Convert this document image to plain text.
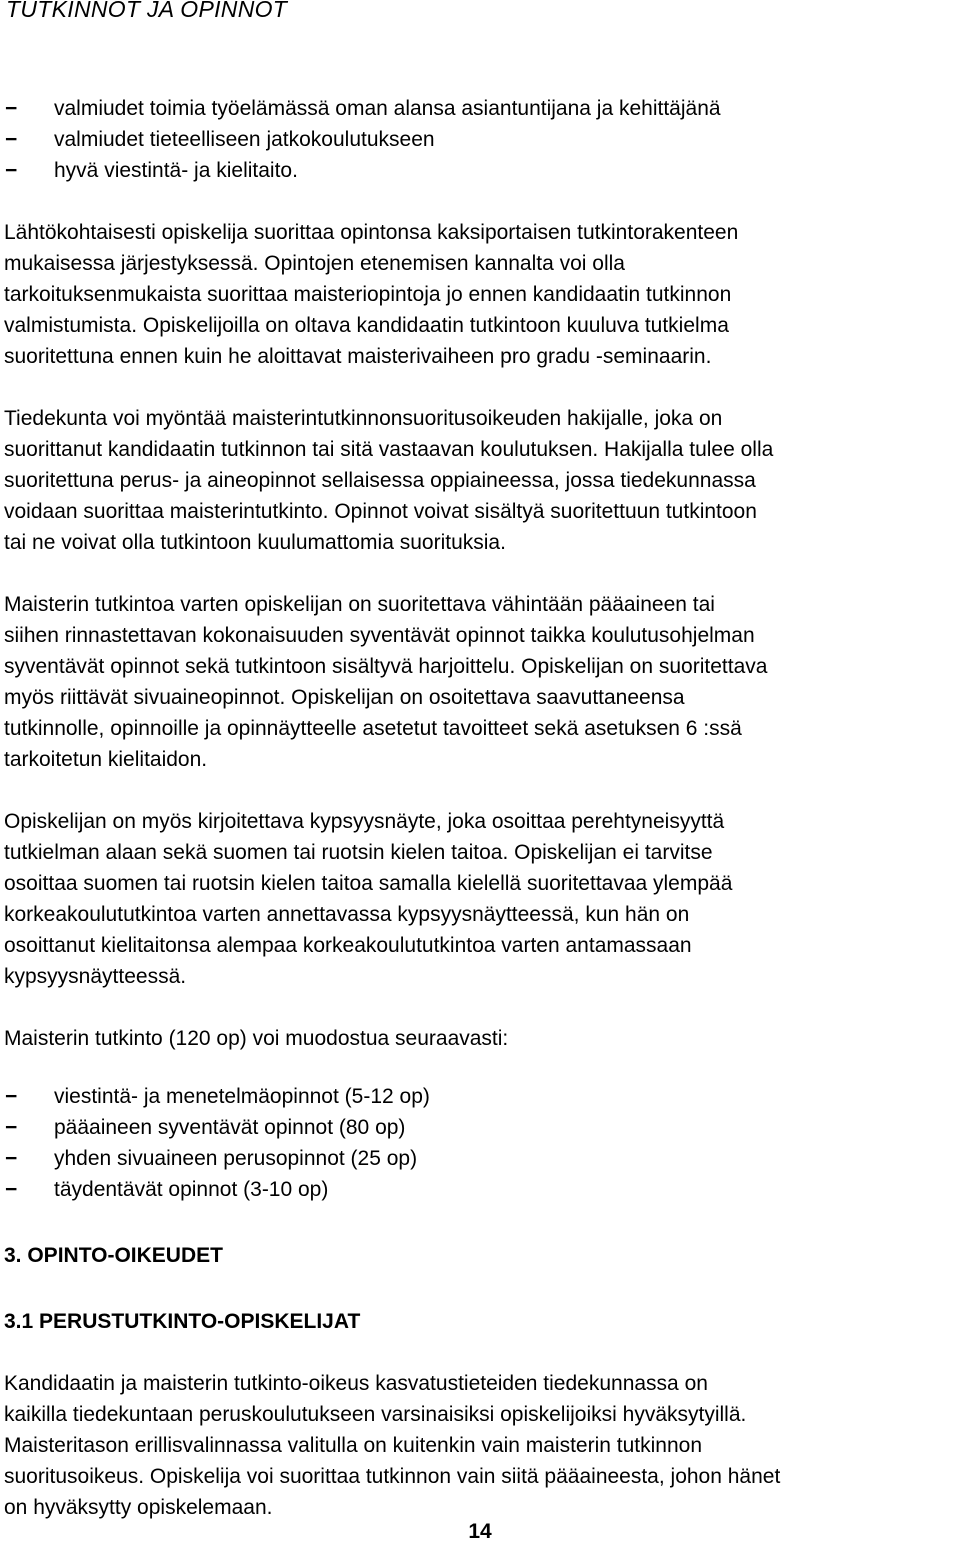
TUTKINNOT JA OPINNOT
− valmiudet toimia työelämässä oman alansa asiantuntijana ja kehittäjänä
− valmiudet tieteelliseen jatkokoulutukseen
− hyvä viestintä- ja kielitaito.
Lähtökohtaisesti opiskelija suorittaa opintonsa kaksiportaisen tutkintorakenteen
mukaisessa järjestyksessä. Opintojen etenemisen kannalta voi olla
tarkoituksenmukaista suorittaa maisteriopintoja jo ennen kandidaatin tutkinnon
valmistumista. Opiskelijoilla on oltava kandidaatin tutkintoon kuuluva tutkielma
suoritettuna ennen kuin he aloittavat maisterivaiheen pro gradu -seminaarin.
Tiedekunta voi myöntää maisterintutkinnonsuoritusoikeuden hakijalle, joka on
suorittanut kandidaatin tutkinnon tai sitä vastaavan koulutuksen. Hakijalla tulee olla
suoritettuna perus- ja aineopinnot sellaisessa oppiaineessa, jossa tiedekunnassa
voidaan suorittaa maisterintutkinto. Opinnot voivat sisältyä suoritettuun tutkintoon
tai ne voivat olla tutkintoon kuulumattomia suorituksia.
Maisterin tutkintoa varten opiskelijan on suoritettava vähintään pääaineen tai
siihen rinnastettavan kokonaisuuden syventävät opinnot taikka koulutusohjelman
syventävät opinnot sekä tutkintoon sisältyvä harjoittelu. Opiskelijan on suoritettava
myös riittävät sivuaineopinnot. Opiskelijan on osoitettava saavuttaneensa
tutkinnolle, opinnoille ja opinnäytteelle asetetut tavoitteet sekä asetuksen 6 :ssä
tarkoitetun kielitaidon.
Opiskelijan on myös kirjoitettava kypsyysnäyte, joka osoittaa perehtyneisyyttä
tutkielman alaan sekä suomen tai ruotsin kielen taitoa. Opiskelijan ei tarvitse
osoittaa suomen tai ruotsin kielen taitoa samalla kielellä suoritettavaa ylempää
korkeakoulututkintoa varten annettavassa kypsyysnäytteessä, kun hän on
osoittanut kielitaitonsa alempaa korkeakoulututkintoa varten antamassaan
kypsyysnäytteessä.
Maisterin tutkinto (120 op) voi muodostua seuraavasti:
− viestintä- ja menetelmäopinnot (5-12 op)
− pääaineen syventävät opinnot (80 op)
− yhden sivuaineen perusopinnot (25 op)
− täydentävät opinnot (3-10 op)
3. OPINTO-OIKEUDET
3.1 PERUSTUTKINTO-OPISKELIJAT
Kandidaatin ja maisterin tutkinto-oikeus kasvatustieteiden tiedekunnassa on
kaikilla tiedekuntaan peruskoulutukseen varsinaisiksi opiskelijoiksi hyväksytyillä.
Maisteritason erillisvalinnassa valitulla on kuitenkin vain maisterin tutkinnon
suoritusoikeus. Opiskelija voi suorittaa tutkinnon vain siitä pääaineesta, johon hänet
on hyväksytty opiskelemaan.
14
